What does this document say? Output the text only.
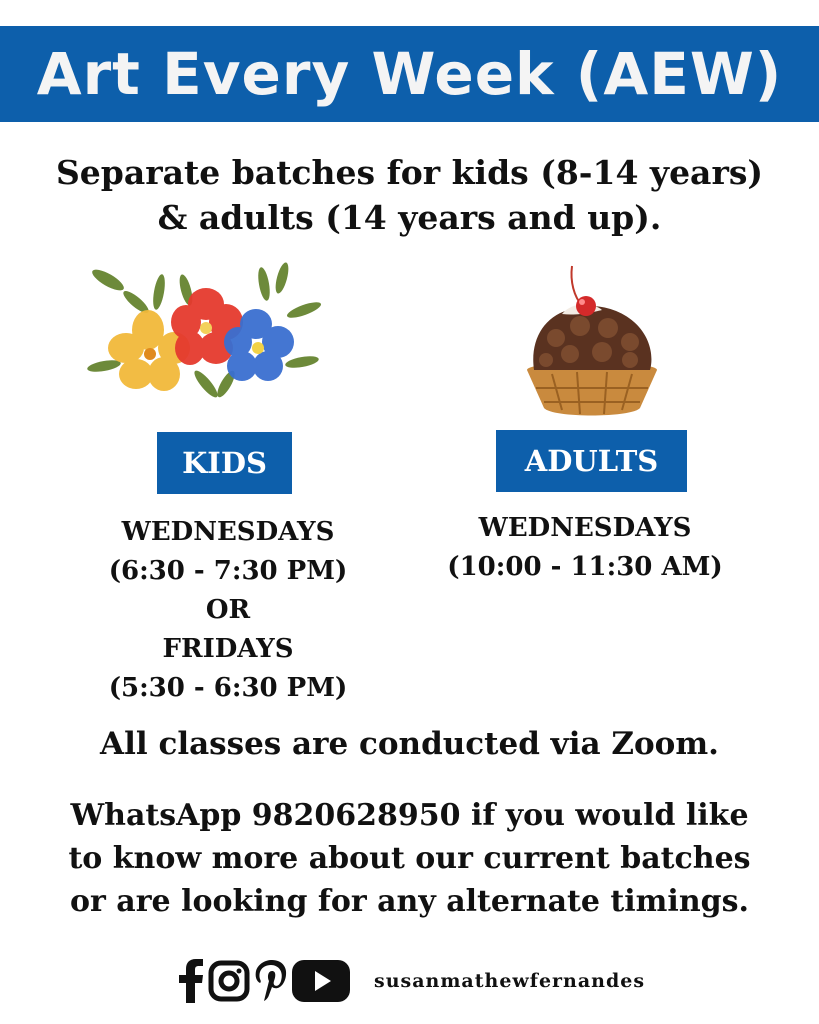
Art Every Week (AEW)
Separate batches for kids (8-14 years)
& adults (14 years and up).
KIDS	ADULTS
WEDNESDAYS
(6:30 - 7:30 PM)
OR
FRIDAYS
(5:30 - 6:30 PM)
WEDNESDAYS
(10:00 - 11:30 AM)
All classes are conducted via Zoom.
WhatsApp 9820628950 if you would like
to know more about our current batches
or are looking for any alternate timings.
susanmathewfernandes
